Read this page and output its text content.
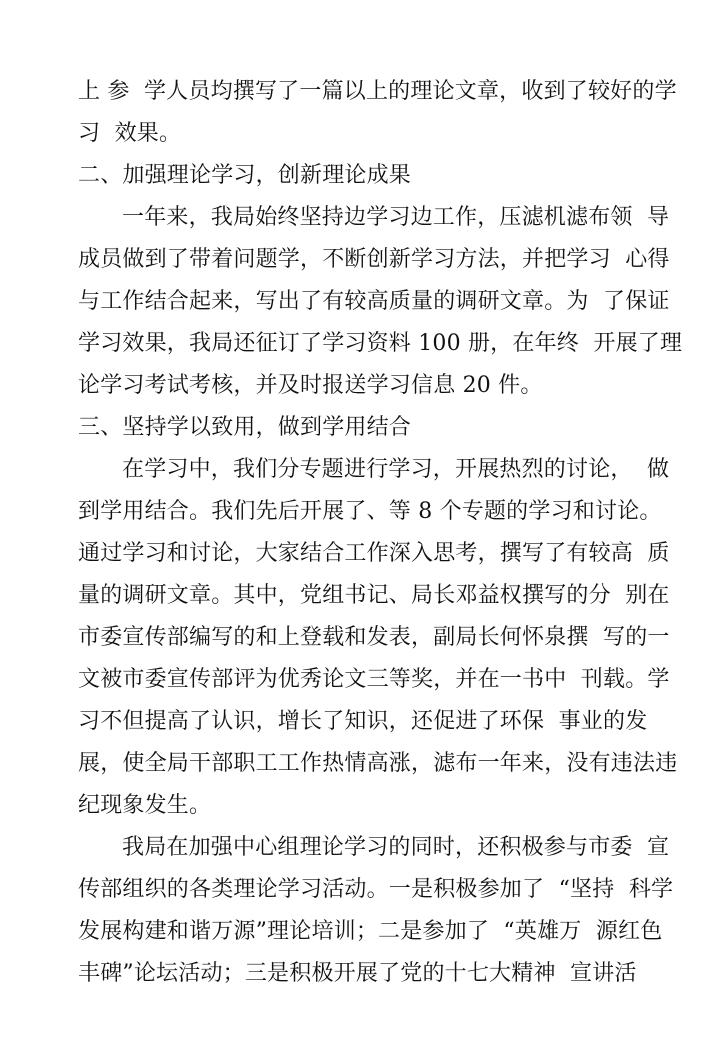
上 参  学人员均撰写了一篇以上的理论文章，收到了较好的学
习  效果。
二、加强理论学习，创新理论成果
一年来，我局始终坚持边学习边工作，压滤机滤布领  导
成员做到了带着问题学，不断创新学习方法，并把学习  心得
与工作结合起来，写出了有较高质量的调研文章。为  了保证
学习效果，我局还征订了学习资料 100 册，在年终  开展了理
论学习考试考核，并及时报送学习信息 20 件。
三、坚持学以致用，做到学用结合
在学习中，我们分专题进行学习，开展热烈的讨论，  做
到学用结合。我们先后开展了、等 8 个专题的学习和讨论。
通过学习和讨论，大家结合工作深入思考，撰写了有较高  质
量的调研文章。其中，党组书记、局长邓益权撰写的分  别在
市委宣传部编写的和上登载和发表，副局长何怀泉撰  写的一
文被市委宣传部评为优秀论文三等奖，并在一书中  刊载。学
习不但提高了认识，增长了知识，还促进了环保  事业的发
展，使全局干部职工工作热情高涨，滤布一年来，没有违法违
纪现象发生。
我局在加强中心组理论学习的同时，还积极参与市委  宣
传部组织的各类理论学习活动。一是积极参加了  “坚持  科学
发展构建和谐万源”理论培训；二是参加了  “英雄万  源红色
丰碑”论坛活动；三是积极开展了党的十七大精神  宣讲活
